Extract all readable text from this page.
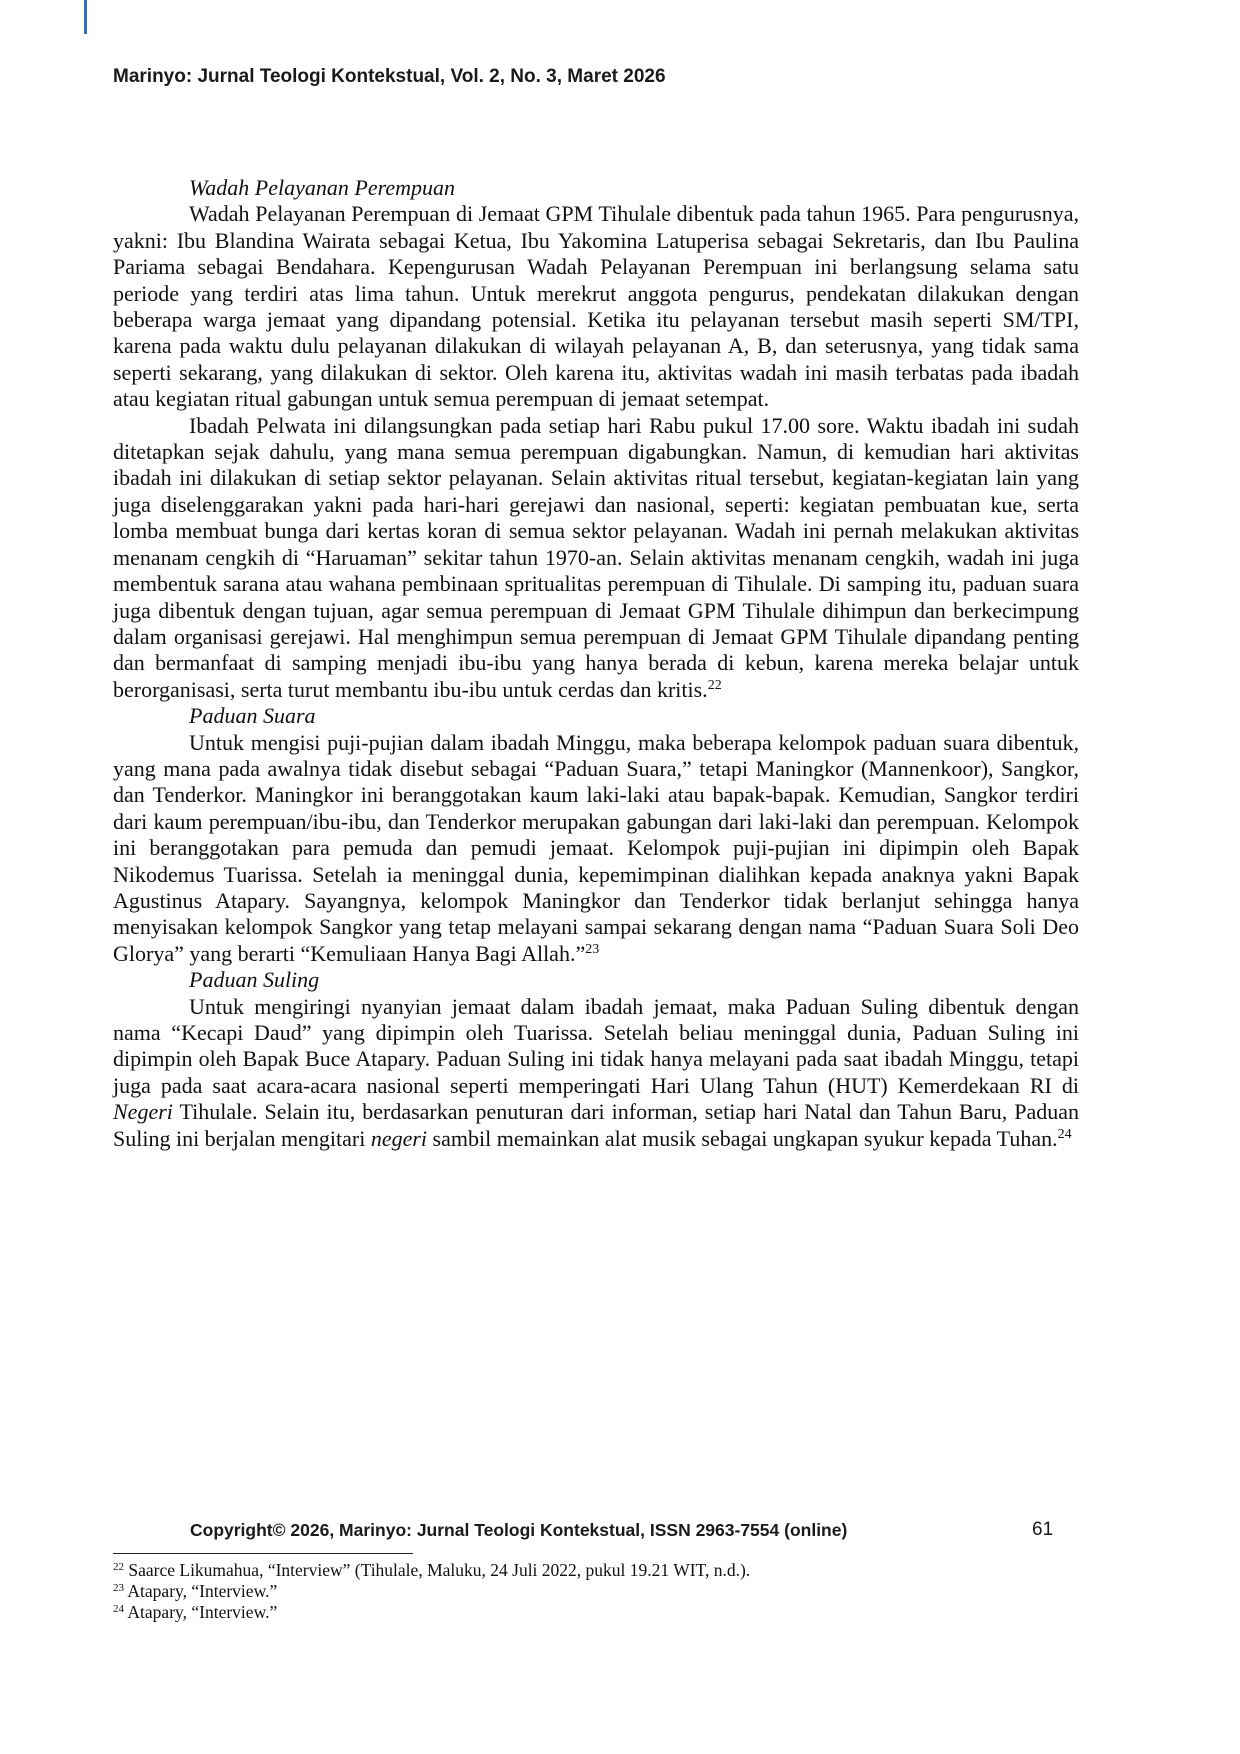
Marinyo: Jurnal Teologi Kontekstual, Vol. 2, No. 3, Maret 2026
Wadah Pelayanan Perempuan

Wadah Pelayanan Perempuan di Jemaat GPM Tihulale dibentuk pada tahun 1965. Para pengurusnya, yakni: Ibu Blandina Wairata sebagai Ketua, Ibu Yakomina Latuperisa sebagai Sekretaris, dan Ibu Paulina Pariama sebagai Bendahara. Kepengurusan Wadah Pelayanan Perempuan ini berlangsung selama satu periode yang terdiri atas lima tahun. Untuk merekrut anggota pengurus, pendekatan dilakukan dengan beberapa warga jemaat yang dipandang potensial. Ketika itu pelayanan tersebut masih seperti SM/TPI, karena pada waktu dulu pelayanan dilakukan di wilayah pelayanan A, B, dan seterusnya, yang tidak sama seperti sekarang, yang dilakukan di sektor. Oleh karena itu, aktivitas wadah ini masih terbatas pada ibadah atau kegiatan ritual gabungan untuk semua perempuan di jemaat setempat.

Ibadah Pelwata ini dilangsungkan pada setiap hari Rabu pukul 17.00 sore. Waktu ibadah ini sudah ditetapkan sejak dahulu, yang mana semua perempuan digabungkan. Namun, di kemudian hari aktivitas ibadah ini dilakukan di setiap sektor pelayanan. Selain aktivitas ritual tersebut, kegiatan-kegiatan lain yang juga diselenggarakan yakni pada hari-hari gerejawi dan nasional, seperti: kegiatan pembuatan kue, serta lomba membuat bunga dari kertas koran di semua sektor pelayanan. Wadah ini pernah melakukan aktivitas menanam cengkih di “Haruaman” sekitar tahun 1970-an. Selain aktivitas menanam cengkih, wadah ini juga membentuk sarana atau wahana pembinaan spritualitas perempuan di Tihulale. Di samping itu, paduan suara juga dibentuk dengan tujuan, agar semua perempuan di Jemaat GPM Tihulale dihimpun dan berkecimpung dalam organisasi gerejawi. Hal menghimpun semua perempuan di Jemaat GPM Tihulale dipandang penting dan bermanfaat di samping menjadi ibu-ibu yang hanya berada di kebun, karena mereka belajar untuk berorganisasi, serta turut membantu ibu-ibu untuk cerdas dan kritis.$^{22}$

Paduan Suara

Untuk mengisi puji-pujian dalam ibadah Minggu, maka beberapa kelompok paduan suara dibentuk, yang mana pada awalnya tidak disebut sebagai “Paduan Suara,” tetapi Maningkor (Mannenkoor), Sangkor, dan Tenderkor. Maningkor ini beranggotakan kaum laki-laki atau bapak-bapak. Kemudian, Sangkor terdiri dari kaum perempuan/ibu-ibu, dan Tenderkor merupakan gabungan dari laki-laki dan perempuan. Kelompok ini beranggotakan para pemuda dan pemudi jemaat. Kelompok puji-pujian ini dipimpin oleh Bapak Nikodemus Tuarissa. Setelah ia meninggal dunia, kepemimpinan dialihkan kepada anaknya yakni Bapak Agustinus Atapary. Sayangnya, kelompok Maningkor dan Tenderkor tidak berlanjut sehingga hanya menyisakan kelompok Sangkor yang tetap melayani sampai sekarang dengan nama “Paduan Suara Soli Deo Glorya” yang berarti “Kemuliaan Hanya Bagi Allah.”$^{23}$

Paduan Suling

Untuk mengiringi nyanyian jemaat dalam ibadah jemaat, maka Paduan Suling dibentuk dengan nama “Kecapi Daud” yang dipimpin oleh Tuarissa. Setelah beliau meninggal dunia, Paduan Suling ini dipimpin oleh Bapak Buce Atapary. Paduan Suling ini tidak hanya melayani pada saat ibadah Minggu, tetapi juga pada saat acara-acara nasional seperti memperingati Hari Ulang Tahun (HUT) Kemerdekaan RI di Negeri Tihulale. Selain itu, berdasarkan penuturan dari informan, setiap hari Natal dan Tahun Baru, Paduan Suling ini berjalan mengitari negeri sambil memainkan alat musik sebagai ungkapan syukur kepada Tuhan.$^{24}$

Copyright© 2026, Marinyo: Jurnal Teologi Kontekstual, ISSN 2963-7554 (online)	61

$^{22}$ Saarce Likumahua, “Interview” (Tihulale, Maluku, 24 Juli 2022, pukul 19.21 WIT, n.d.).

$^{23}$ Atapary, “Interview.”

$^{24}$ Atapary, “Interview.”
